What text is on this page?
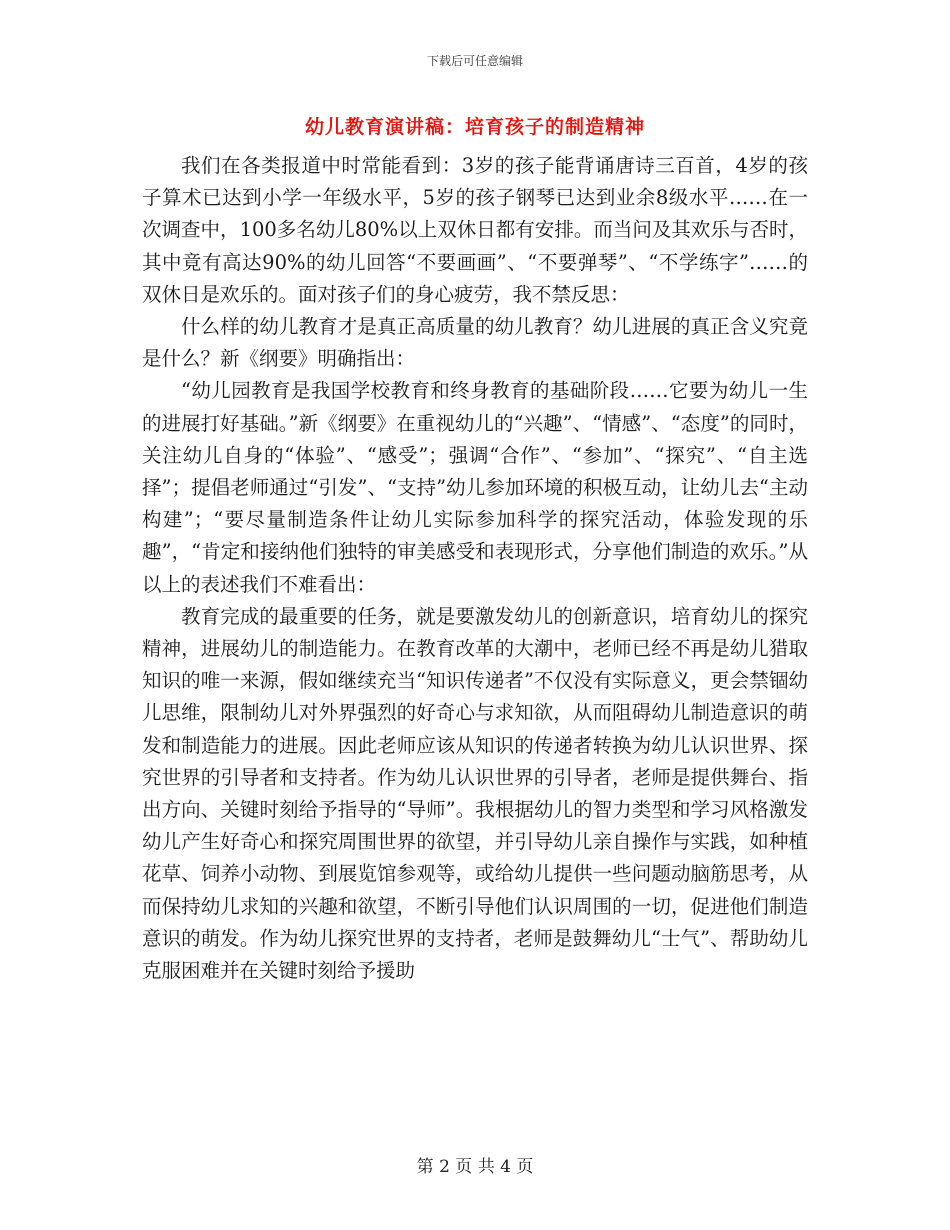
下载后可任意编辑
幼儿教育演讲稿：培育孩子的制造精神

我们在各类报道中时常能看到：3岁的孩子能背诵唐诗三百首，4岁的孩子算术已达到小学一年级水平，5岁的孩子钢琴已达到业余8级水平……在一次调查中，100多名幼儿80%以上双休日都有安排。而当问及其欢乐与否时，其中竟有高达90%的幼儿回答“不要画画”、“不要弹琴”、“不学练字”……的双休日是欢乐的。面对孩子们的身心疲劳，我不禁反思：

什么样的幼儿教育才是真正高质量的幼儿教育？幼儿进展的真正含义究竟是什么？新《纲要》明确指出：

“幼儿园教育是我国学校教育和终身教育的基础阶段……它要为幼儿一生的进展打好基础。”新《纲要》在重视幼儿的“兴趣”、“情感”、“态度”的同时，关注幼儿自身的“体验”、“感受”；强调“合作”、“参加”、“探究”、“自主选择”；提倡老师通过“引发”、“支持”幼儿参加环境的积极互动，让幼儿去“主动构建”；“要尽量制造条件让幼儿实际参加科学的探究活动，体验发现的乐趣”，“肯定和接纳他们独特的审美感受和表现形式，分享他们制造的欢乐。”从以上的表述我们不难看出：

教育完成的最重要的任务，就是要激发幼儿的创新意识，培育幼儿的探究精神，进展幼儿的制造能力。在教育改革的大潮中，老师已经不再是幼儿猎取知识的唯一来源，假如继续充当“知识传递者”不仅没有实际意义，更会禁锢幼儿思维，限制幼儿对外界强烈的好奇心与求知欲，从而阻碍幼儿制造意识的萌发和制造能力的进展。因此老师应该从知识的传递者转换为幼儿认识世界、探究世界的引导者和支持者。作为幼儿认识世界的引导者，老师是提供舞台、指出方向、关键时刻给予指导的“导师”。我根据幼儿的智力类型和学习风格激发幼儿产生好奇心和探究周围世界的欲望，并引导幼儿亲自操作与实践，如种植花草、饲养小动物、到展览馆参观等，或给幼儿提供一些问题动脑筋思考，从而保持幼儿求知的兴趣和欲望，不断引导他们认识周围的一切，促进他们制造意识的萌发。作为幼儿探究世界的支持者，老师是鼓舞幼儿“士气”、帮助幼儿克服困难并在关键时刻给予援助

第 2 页 共 4 页
